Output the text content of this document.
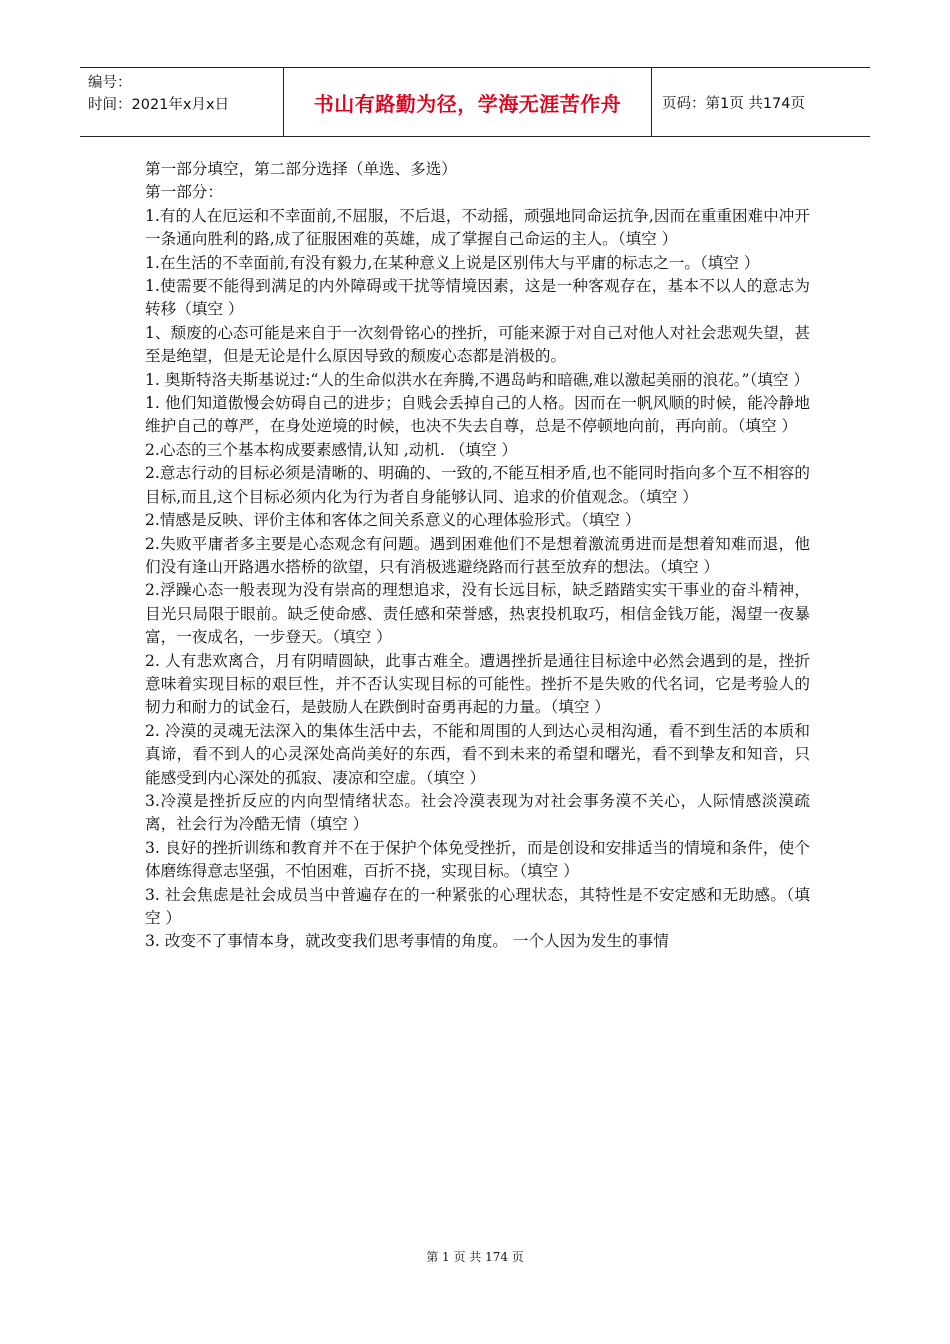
编号：
时间：2021年x月x日	书山有路勤为径，学海无涯苦作舟	页码：第1页 共174页

第一部分填空，第二部分选择（单选、多选）

第一部分：

1.有的人在厄运和不幸面前,不屈服，不后退，不动摇，顽强地同命运抗争,因而在重重困难中冲开一条通向胜利的路,成了征服困难的英雄，成了掌握自己命运的主人。（填空 ）

1.在生活的不幸面前,有没有毅力,在某种意义上说是区别伟大与平庸的标志之一。（填空 ）

1.使需要不能得到满足的内外障碍或干扰等情境因素，这是一种客观存在，基本不以人的意志为转移（填空 ）

1、颓废的心态可能是来自于一次刻骨铭心的挫折，可能来源于对自己对他人对社会悲观失望，甚至是绝望，但是无论是什么原因导致的颓废心态都是消极的。

1. 奥斯特洛夫斯基说过:“人的生命似洪水在奔腾,不遇岛屿和暗礁,难以激起美丽的浪花。”（填空 ）

1. 他们知道傲慢会妨碍自己的进步；自贱会丢掉自己的人格。因而在一帆风顺的时候，能冷静地维护自己的尊严，在身处逆境的时候，也决不失去自尊，总是不停顿地向前，再向前。（填空 ）

2.心态的三个基本构成要素感情,认知 ,动机. （填空 ）

2.意志行动的目标必须是清晰的、明确的、一致的,不能互相矛盾,也不能同时指向多个互不相容的目标,而且,这个目标必须内化为行为者自身能够认同、追求的价值观念。（填空 ）

2.情感是反映、评价主体和客体之间关系意义的心理体验形式。（填空 ）

2.失败平庸者多主要是心态观念有问题。遇到困难他们不是想着激流勇进而是想着知难而退，他们没有逢山开路遇水搭桥的欲望，只有消极逃避绕路而行甚至放弃的想法。（填空 ）

2.浮躁心态一般表现为没有崇高的理想追求，没有长远目标，缺乏踏踏实实干事业的奋斗精神，目光只局限于眼前。缺乏使命感、责任感和荣誉感，热衷投机取巧，相信金钱万能，渴望一夜暴富，一夜成名，一步登天。（填空 ）

2. 人有悲欢离合，月有阴晴圆缺，此事古难全。遭遇挫折是通往目标途中必然会遇到的是，挫折意味着实现目标的艰巨性，并不否认实现目标的可能性。挫折不是失败的代名词，它是考验人的韧力和耐力的试金石，是鼓励人在跌倒时奋勇再起的力量。（填空 ）

2. 冷漠的灵魂无法深入的集体生活中去，不能和周围的人到达心灵相沟通，看不到生活的本质和真谛，看不到人的心灵深处高尚美好的东西，看不到未来的希望和曙光，看不到挚友和知音，只能感受到内心深处的孤寂、凄凉和空虚。（填空 ）

3.冷漠是挫折反应的内向型情绪状态。社会冷漠表现为对社会事务漠不关心，人际情感淡漠疏离，社会行为冷酷无情（填空 ）

3. 良好的挫折训练和教育并不在于保护个体免受挫折，而是创设和安排适当的情境和条件，使个体磨练得意志坚强，不怕困难，百折不挠，实现目标。（填空 ）

3. 社会焦虑是社会成员当中普遍存在的一种紧张的心理状态，其特性是不安定感和无助感。（填空 ）

3. 改变不了事情本身，就改变我们思考事情的角度。 一个人因为发生的事情

第 1 页 共 174 页
